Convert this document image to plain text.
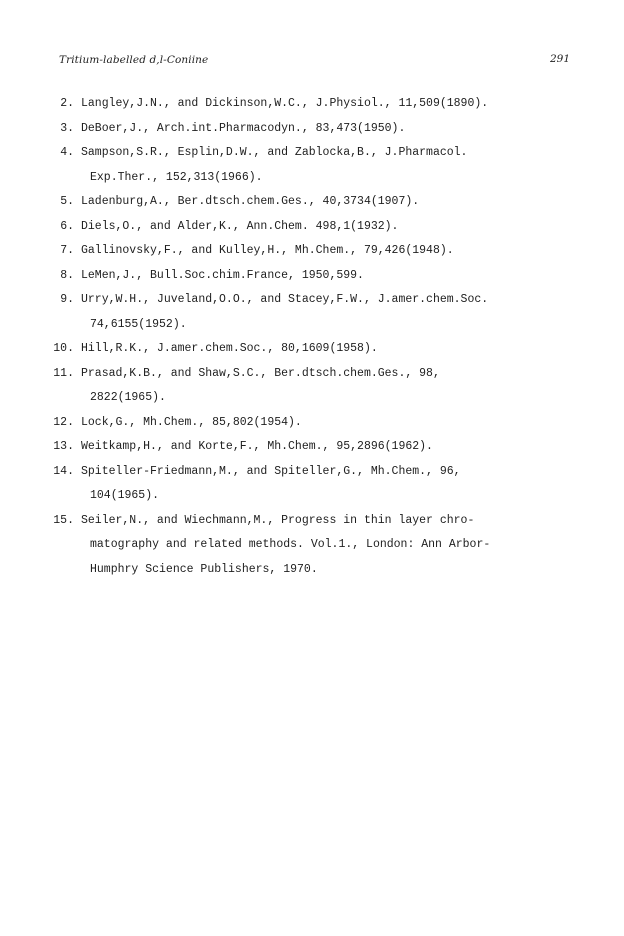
Tritium-labelled d,l-Coniine	291
2. Langley,J.N., and Dickinson,W.C., J.Physiol., 11,509(1890).
3. DeBoer,J., Arch.int.Pharmacodyn., 83,473(1950).
4. Sampson,S.R., Esplin,D.W., and Zablocka,B., J.Pharmacol.
Exp.Ther., 152,313(1966).
5. Ladenburg,A., Ber.dtsch.chem.Ges., 40,3734(1907).
6. Diels,O., and Alder,K., Ann.Chem. 498,1(1932).
7. Gallinovsky,F., and Kulley,H., Mh.Chem., 79,426(1948).
8. LeMen,J., Bull.Soc.chim.France, 1950,599.
9. Urry,W.H., Juveland,O.O., and Stacey,F.W., J.amer.chem.Soc.
74,6155(1952).
10. Hill,R.K., J.amer.chem.Soc., 80,1609(1958).
11. Prasad,K.B., and Shaw,S.C., Ber.dtsch.chem.Ges., 98,
2822(1965).
12. Lock,G., Mh.Chem., 85,802(1954).
13. Weitkamp,H., and Korte,F., Mh.Chem., 95,2896(1962).
14. Spiteller-Friedmann,M., and Spiteller,G., Mh.Chem., 96,
104(1965).
15. Seiler,N., and Wiechmann,M., Progress in thin layer chro-
matography and related methods. Vol.1., London: Ann Arbor-
Humphry Science Publishers, 1970.
